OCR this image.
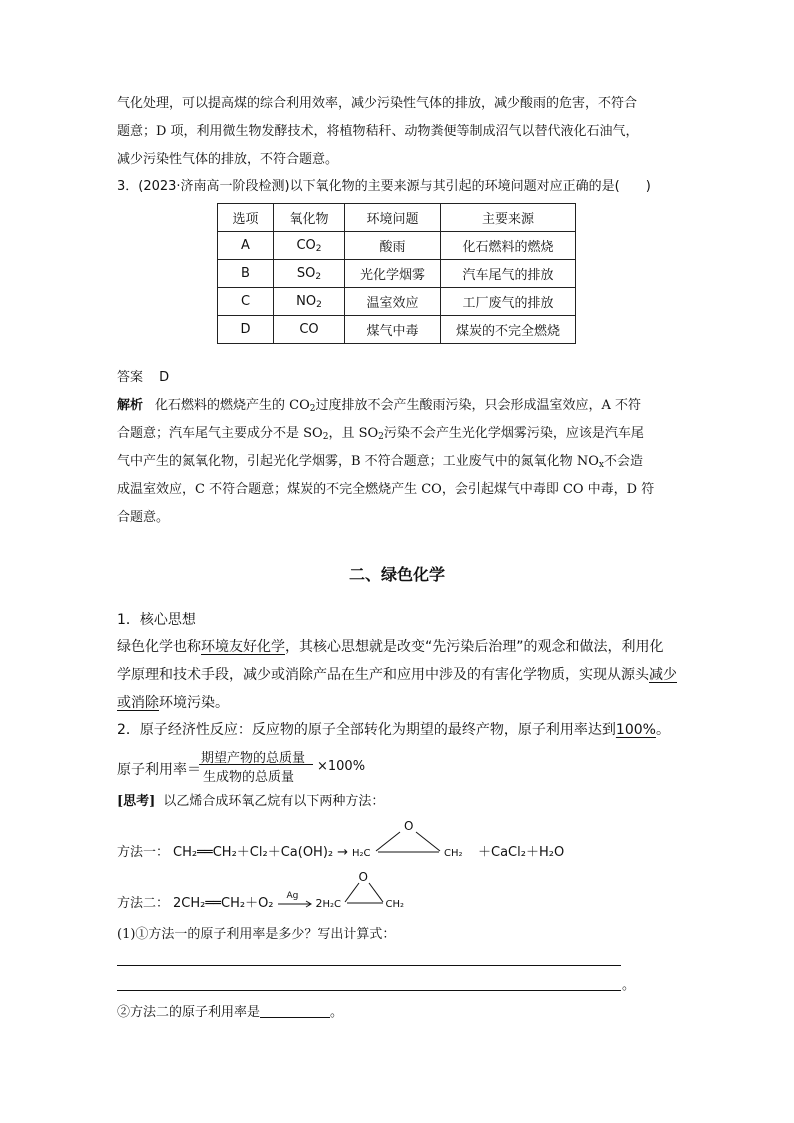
气化处理，可以提高煤的综合利用效率，减少污染性气体的排放，减少酸雨的危害，不符合
题意；D 项，利用微生物发酵技术，将植物秸秆、动物粪便等制成沼气以替代液化石油气，
减少污染性气体的排放，不符合题意。
3．(2023·济南高一阶段检测)以下氧化物的主要来源与其引起的环境问题对应正确的是(　　)
选项	氧化物	环境问题	主要来源
A	$CO_2$	酸雨	化石燃料的燃烧
B	$SO_2$	光化学烟雾	汽车尾气的排放
C	$NO_2$	温室效应	工厂废气的排放
D	CO	煤气中毒	煤炭的不完全燃烧
答案 D
解析 化石燃料的燃烧产生的 $CO_2$过度排放不会产生酸雨污染，只会形成温室效应，A 不符
合题意；汽车尾气主要成分不是 $SO_2$，且 $SO_2$污染不会产生光化学烟雾污染，应该是汽车尾
气中产生的氮氧化物，引起光化学烟雾，B 不符合题意；工业废气中的氮氧化物 $NO_x$不会造
成温室效应，C 不符合题意；煤炭的不完全燃烧产生 CO，会引起煤气中毒即 CO 中毒，D 符
合题意。
二、绿色化学
1．核心思想
绿色化学也称环境友好化学，其核心思想就是改变“先污染后治理”的观念和做法，利用化
学原理和技术手段，减少或消除产品在生产和应用中涉及的有害化学物质，实现从源头减少
或消除环境污染。
2．原子经济性反应：反应物的原子全部转化为期望的最终产物，原子利用率达到100%。
原子利用率＝
期望产物的总质量
生成物的总质量
×100%
[思考] 以乙烯合成环氧乙烷有以下两种方法：
方法一： CH₂══CH₂＋Cl₂＋Ca(OH)₂ → H₂C
O
CH₂ ＋CaCl₂＋H₂O
方法二： 2CH₂══CH₂＋O₂ Ag
2 H₂C
O
CH₂
(1)①方法一的原子利用率是多少？写出计算式：
。
②方法二的原子利用率是	。
